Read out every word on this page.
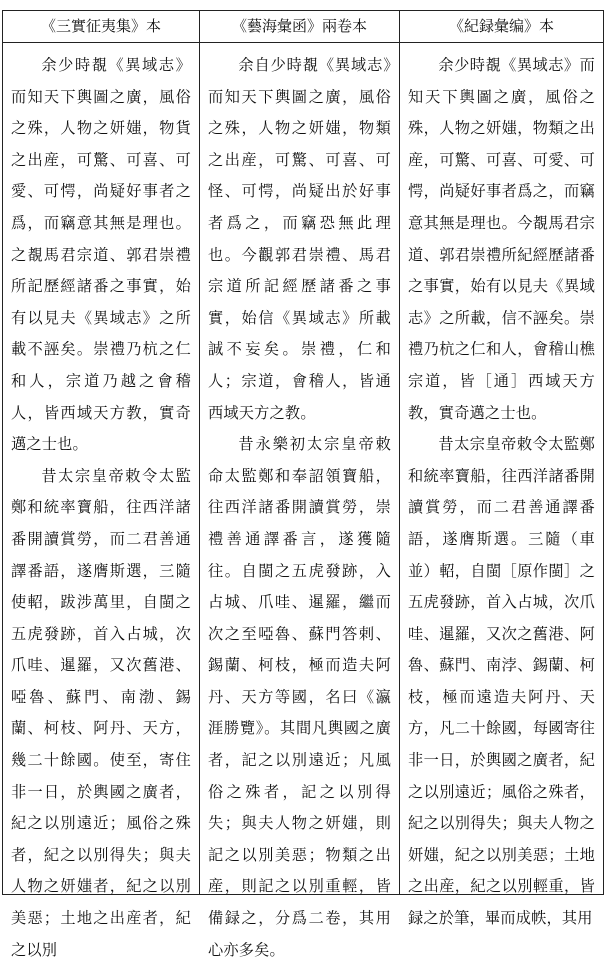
《三實征夷集》本	《藝海彙函》兩卷本	《紀録彙编》本

余少時覩《異域志》而知天下輿圖之廣，風俗之殊，人物之妍媸，物貨之出産，可驚、可喜、可愛、可愕，尚疑好事者之爲，而竊意其無是理也。之覩馬君宗道、郭君崇禮所記歷經諸番之事實，始有以見夫《異域志》之所載不誣矣。崇禮乃杭之仁和人，宗道乃越之會稽人，皆西域天方教，實奇邁之士也。

昔太宗皇帝敕令太監鄭和統率寶船，往西洋諸番開讀賞勞，而二君善通譯番語，遂膺斯選，三隨使軺，跋涉萬里，自閩之五虎發跡，首入占城，次爪哇、暹羅，又次舊港、啞魯、蘇門、南渤、錫蘭、柯枝、阿丹、天方，幾二十餘國。使至，寄住非一日，於輿國之廣者，紀之以別遠近；風俗之殊者，紀之以別得失；與夫人物之妍媸者，紀之以別美惡；土地之出産者，紀之以別

余自少時覩《異域志》而知天下輿圖之廣，風俗之殊，人物之妍媸，物類之出産，可驚、可喜、可怪、可愕，尚疑出於好事者爲之，而竊恐無此理也。今觀郭君崇禮、馬君宗道所記經歷諸番之事實，始信《異域志》所載誠不妄矣。崇禮，仁和人；宗道，會稽人，皆通西域天方之教。

昔永樂初太宗皇帝敕命太監鄭和奉詔領寶船，往西洋諸番開讀賞勞，崇禮善通譯番言，遂獲隨往。自閩之五虎發跡，入占城、爪哇、暹羅，繼而次之至啞魯、蘇門答剌、錫蘭、柯枝，極而造夫阿丹、天方等國，名曰《瀛涯勝覽》。其間凡輿國之廣者，記之以別遠近；凡風俗之殊者，記之以別得失；與夫人物之妍媸，則記之以別美惡；物類之出産，則記之以別重輕，皆備録之，分爲二卷，其用心亦多矣。

余少時覩《異域志》而知天下輿圖之廣，風俗之殊，人物之妍媸，物類之出産，可驚、可喜、可愛、可愕，尚疑好事者爲之，而竊意其無是理也。今覩馬君宗道、郭君崇禮所紀經歷諸番之事實，始有以見夫《異域志》之所載，信不誣矣。崇禮乃杭之仁和人，會稽山樵宗道，皆［通］西域天方教，實奇邁之士也。

昔太宗皇帝敕令太監鄭和統率寶船，往西洋諸番開讀賞勞，而二君善通譯番語，遂膺斯選。三隨（車並）軺，自閩［原作閩］之五虎發跡，首入占城，次爪哇、暹羅，又次之舊港、阿魯、蘇門、南浡、錫蘭、柯枝，極而遠造夫阿丹、天方，凡二十餘國，每國寄往非一日，於輿國之廣者，紀之以別遠近；風俗之殊者，紀之以別得失；與夫人物之妍媸，紀之以別美惡；土地之出産，紀之以別輕重，皆録之於筆，畢而成帙，其用
